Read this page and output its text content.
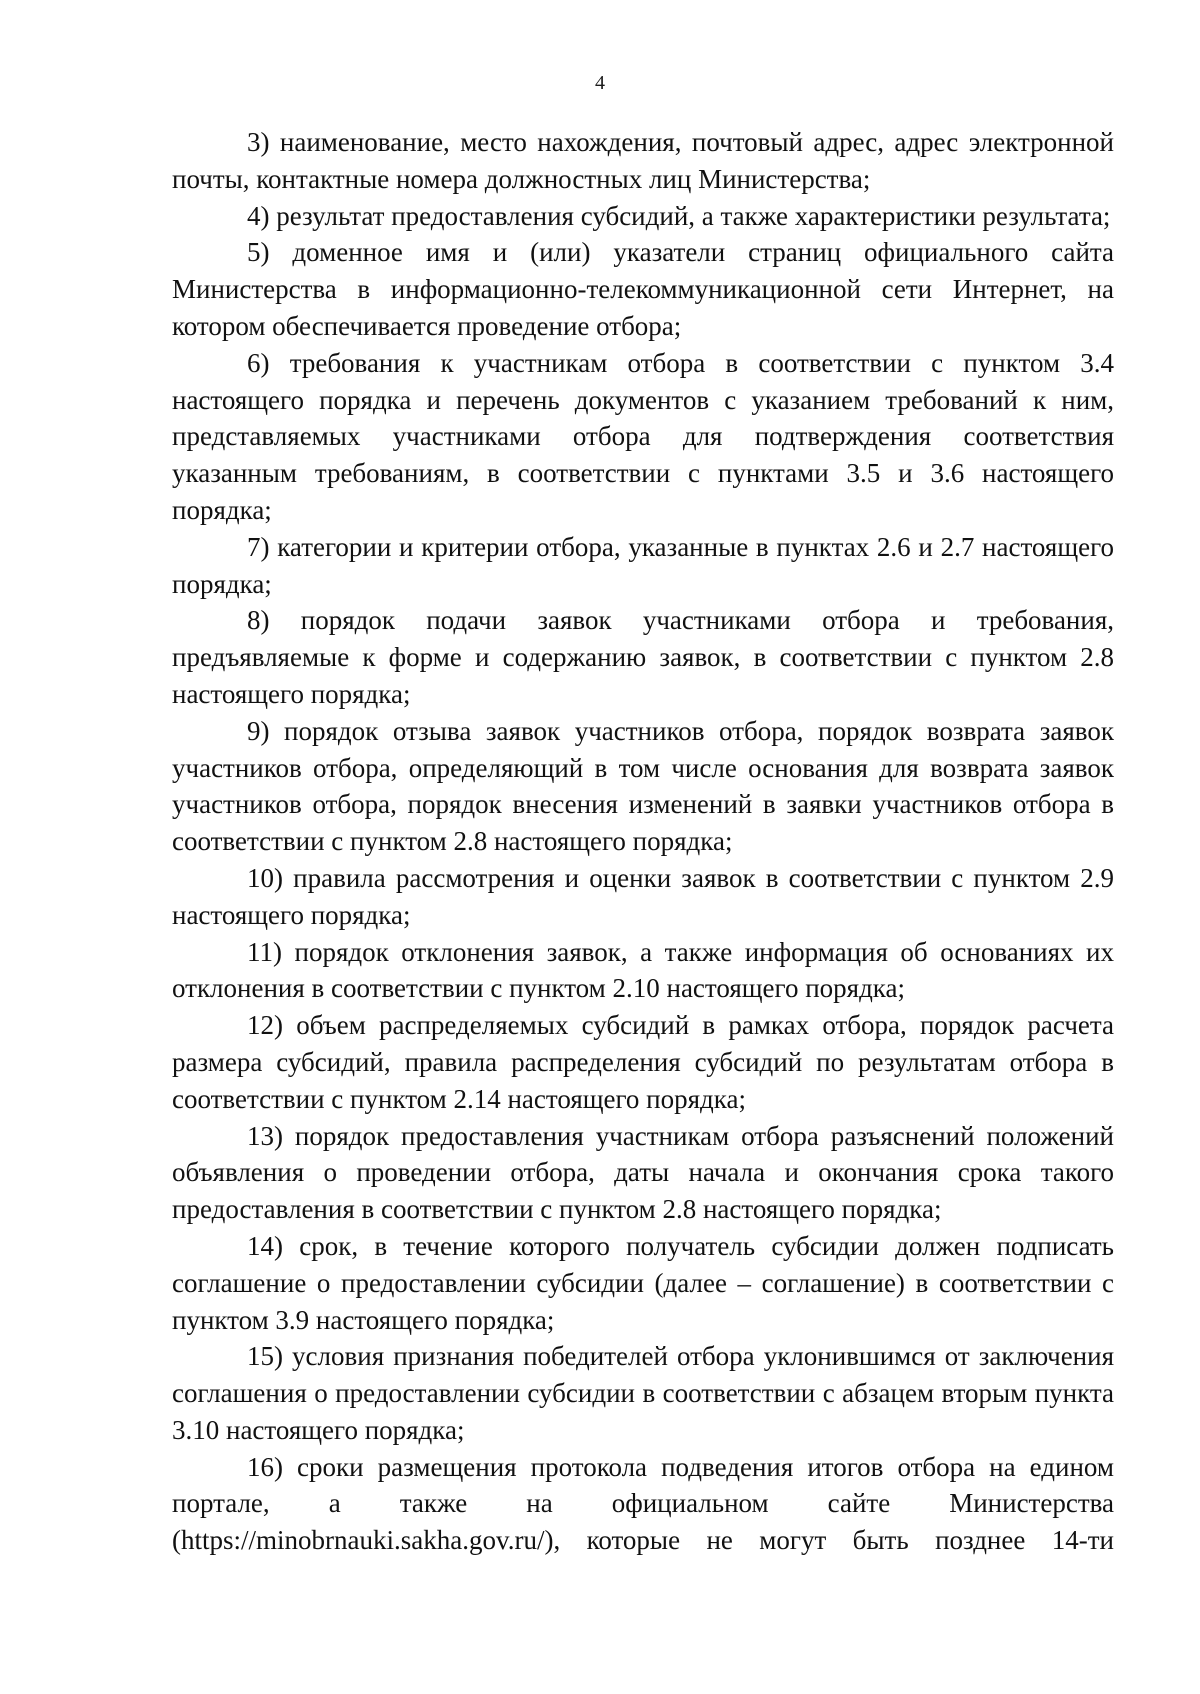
4

3) наименование, место нахождения, почтовый адрес, адрес электронной почты, контактные номера должностных лиц Министерства;

4) результат предоставления субсидий, а также характеристики результата;

5) доменное имя и (или) указатели страниц официального сайта Министерства в информационно-телекоммуникационной сети Интернет, на котором обеспечивается проведение отбора;

6) требования к участникам отбора в соответствии с пунктом 3.4 настоящего порядка и перечень документов с указанием требований к ним, представляемых участниками отбора для подтверждения соответствия указанным требованиям, в соответствии с пунктами 3.5 и 3.6 настоящего порядка;

7) категории и критерии отбора, указанные в пунктах 2.6 и 2.7 настоящего порядка;

8) порядок подачи заявок участниками отбора и требования, предъявляемые к форме и содержанию заявок, в соответствии с пунктом 2.8 настоящего порядка;

9) порядок отзыва заявок участников отбора, порядок возврата заявок участников отбора, определяющий в том числе основания для возврата заявок участников отбора, порядок внесения изменений в заявки участников отбора в соответствии с пунктом 2.8 настоящего порядка;

10) правила рассмотрения и оценки заявок в соответствии с пунктом 2.9 настоящего порядка;

11) порядок отклонения заявок, а также информация об основаниях их отклонения в соответствии с пунктом 2.10 настоящего порядка;

12) объем распределяемых субсидий в рамках отбора, порядок расчета размера субсидий, правила распределения субсидий по результатам отбора в соответствии с пунктом 2.14 настоящего порядка;

13) порядок предоставления участникам отбора разъяснений положений объявления о проведении отбора, даты начала и окончания срока такого предоставления в соответствии с пунктом 2.8 настоящего порядка;

14) срок, в течение которого получатель субсидии должен подписать соглашение о предоставлении субсидии (далее – соглашение) в соответствии с пунктом 3.9 настоящего порядка;

15) условия признания победителей отбора уклонившимся от заключения соглашения о предоставлении субсидии в соответствии с абзацем вторым пункта 3.10 настоящего порядка;

16) сроки размещения протокола подведения итогов отбора на едином портале, а также на официальном сайте Министерства (https://minobrnauki.sakha.gov.ru/), которые не могут быть позднее 14-ти
